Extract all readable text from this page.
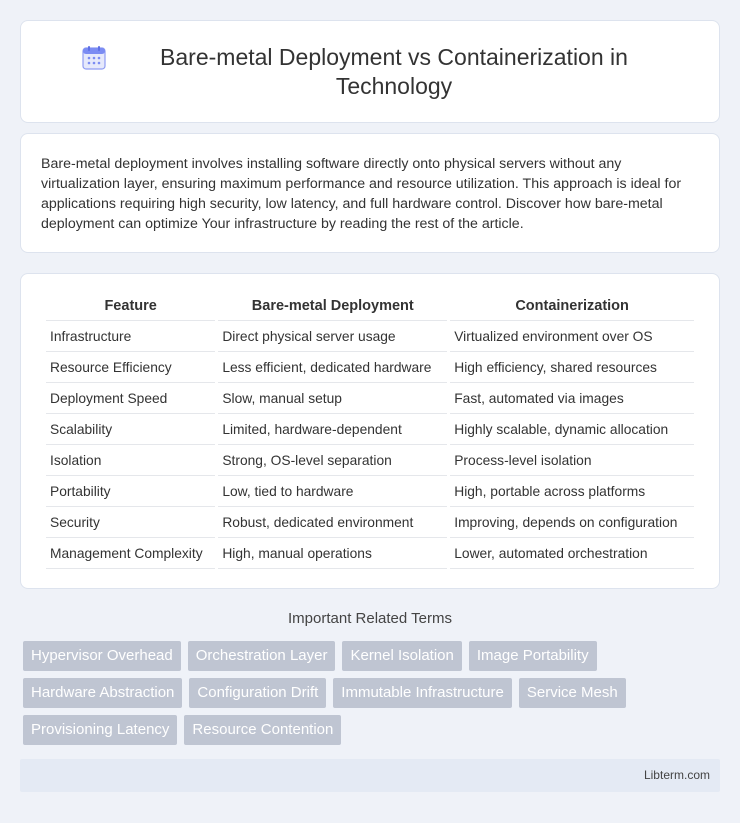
Bare-metal Deployment vs Containerization in Technology

Bare-metal deployment involves installing software directly onto physical servers without any virtualization layer, ensuring maximum performance and resource utilization. This approach is ideal for applications requiring high security, low latency, and full hardware control. Discover how bare-metal deployment can optimize Your infrastructure by reading the rest of the article.

Feature	Bare-metal Deployment	Containerization
Infrastructure	Direct physical server usage	Virtualized environment over OS
Resource Efficiency	Less efficient, dedicated hardware	High efficiency, shared resources
Deployment Speed	Slow, manual setup	Fast, automated via images
Scalability	Limited, hardware-dependent	Highly scalable, dynamic allocation
Isolation	Strong, OS-level separation	Process-level isolation
Portability	Low, tied to hardware	High, portable across platforms
Security	Robust, dedicated environment	Improving, depends on configuration
Management Complexity	High, manual operations	Lower, automated orchestration
Important Related Terms
Hypervisor Overhead	Orchestration Layer	Kernel Isolation	Image Portability
Hardware Abstraction	Configuration Drift	Immutable Infrastructure	Service Mesh
Provisioning Latency	Resource Contention
Libterm.com
